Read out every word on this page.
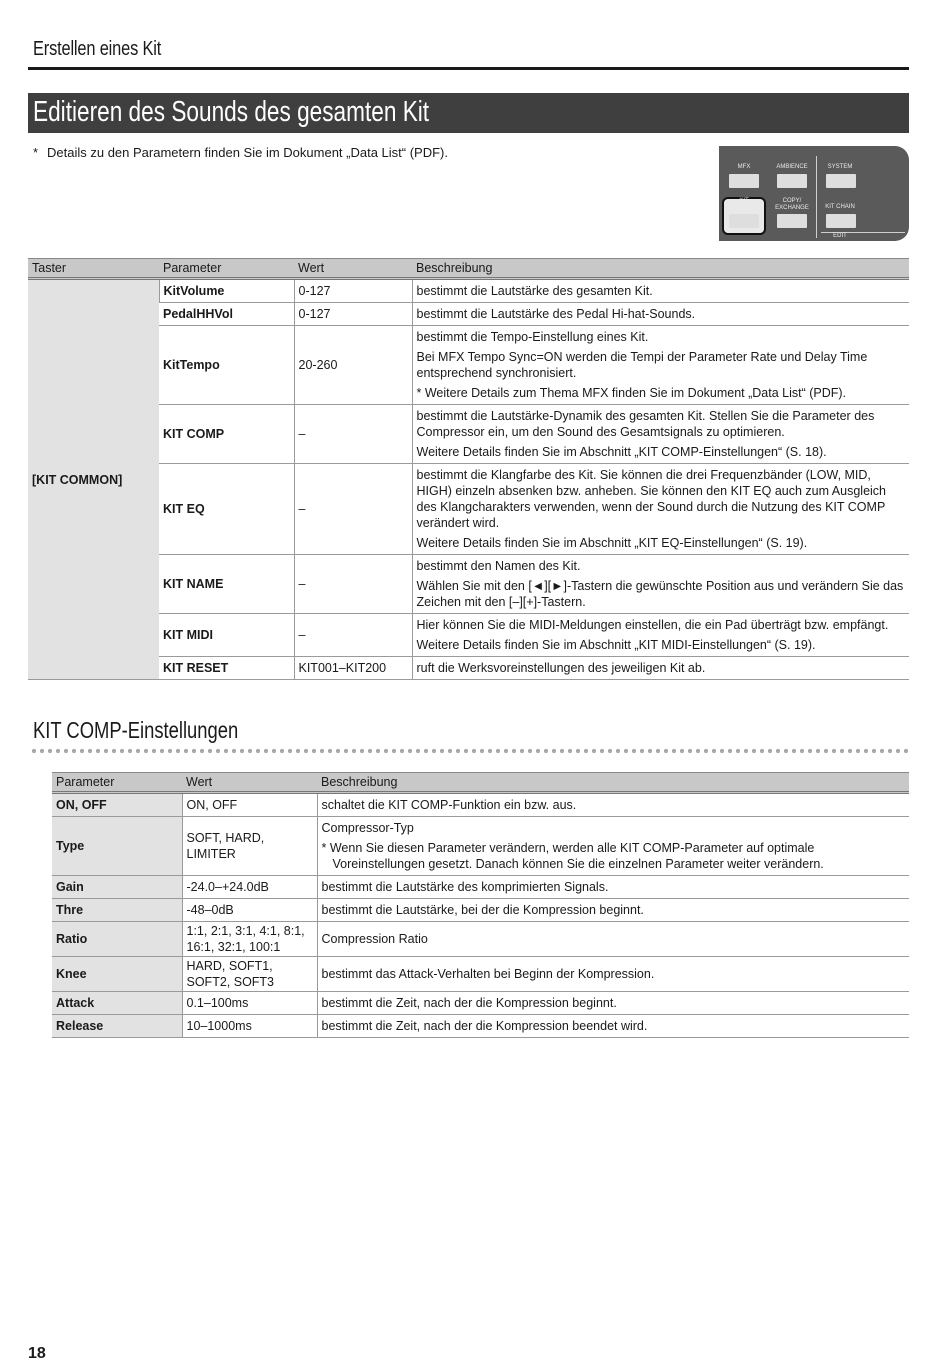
Erstellen eines Kit
Editieren des Sounds des gesamten Kit
* Details zu den Parametern finden Sie im Dokument „Data List“ (PDF).
MFX	AMBIENCE	SYSTEM
KIT
COMMON
COPY/
EXCHANGE	KIT CHAIN
EDIT
Taster	Parameter	Wert	Beschreibung
[KIT COMMON]	KitVolume	0-127	bestimmt die Lautstärke des gesamten Kit.

	PedalHHVol	0-127	bestimmt die Lautstärke des Pedal Hi-hat-Sounds.

	KitTempo	20-260	bestimmt die Tempo-Einstellung eines Kit.

Bei MFX Tempo Sync=ON werden die Tempi der Parameter Rate und Delay Time entsprechend synchronisiert.

* Weitere Details zum Thema MFX finden Sie im Dokument „Data List“ (PDF).

	KIT COMP	–	bestimmt die Lautstärke-Dynamik des gesamten Kit. Stellen Sie die Parameter des Compressor ein, um den Sound des Gesamtsignals zu optimieren.

Weitere Details finden Sie im Abschnitt „KIT COMP-Einstellungen“ (S. 18).

	KIT EQ	–	bestimmt die Klangfarbe des Kit. Sie können die drei Frequenzbänder (LOW, MID, HIGH) einzeln absenken bzw. anheben. Sie können den KIT EQ auch zum Ausgleich des Klangcharakters verwenden, wenn der Sound durch die Nutzung des KIT COMP verändert wird.

Weitere Details finden Sie im Abschnitt „KIT EQ-Einstellungen“ (S. 19).

	KIT NAME	–	bestimmt den Namen des Kit.

Wählen Sie mit den [◄][►]-Tastern die gewünschte Position aus und verändern Sie das Zeichen mit den [–][+]-Tastern.

	KIT MIDI	–	Hier können Sie die MIDI-Meldungen einstellen, die ein Pad überträgt bzw. empfängt.

Weitere Details finden Sie im Abschnitt „KIT MIDI-Einstellungen“ (S. 19).

	KIT RESET	KIT001–KIT200	ruft die Werksvoreinstellungen des jeweiligen Kit ab.

KIT COMP-Einstellungen
Parameter	Wert	Beschreibung
ON, OFF	ON, OFF	schaltet die KIT COMP-Funktion ein bzw. aus.

Type	SOFT, HARD, LIMITER	Compressor-Typ

* Wenn Sie diesen Parameter verändern, werden alle KIT COMP-Parameter auf optimale Voreinstellungen gesetzt. Danach können Sie die einzelnen Parameter weiter verändern.

Gain	-24.0–+24.0dB	bestimmt die Lautstärke des komprimierten Signals.

Thre	-48–0dB	bestimmt die Lautstärke, bei der die Kompression beginnt.

Ratio	1:1, 2:1, 3:1, 4:1, 8:1, 16:1, 32:1, 100:1	Compression Ratio

Knee	HARD, SOFT1, SOFT2, SOFT3	bestimmt das Attack-Verhalten bei Beginn der Kompression.

Attack	0.1–100ms	bestimmt die Zeit, nach der die Kompression beginnt.

Release	10–1000ms	bestimmt die Zeit, nach der die Kompression beendet wird.

18
